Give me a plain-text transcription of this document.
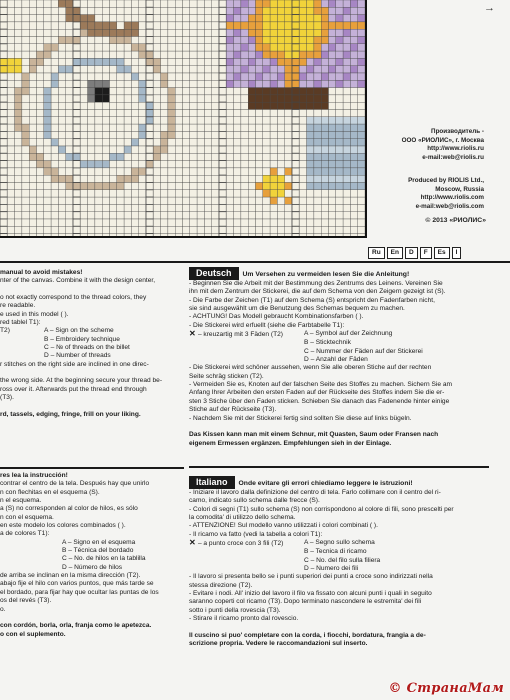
→
Производитель -
ООО «РИОЛИС», г. Москва
http://www.riolis.ru
e-mail:web@riolis.ru
Produced by RIOLIS Ltd.,
Moscow, Russia
http://www.riolis.com
e-mail:web@riolis.com
© 2013 «РИОЛИС»
Ru	En	D	F	Es	I

manual to avoid mistakes!

nter of the canvas. Combine it with the design center,

o not exactly correspond to the thread colors, they

re readable.

e used in this model ( ).

red tablel T1):

T2)	A – Sign on the scheme
B – Embroidery technique
C – № of threads on the billet
D – Number of threads

r stitches on the right side are inclined in one direc-

the wrong side. At the beginning secure your thread be-

ross over it. Afterwards put the thread end through

(T3).

rd, tassels, edging, fringe, frill on your liking.

res lea la instrucción!

contrar el centro de la tela. Después hay que unirlo

n con flechitas en el esquema (S).

n el esquema.

a (S) no corresponden al color de hilos, es sólo

n con el esquema.

en este modelo los colores combinados ( ).

a de colores T1):

A – Signo en el esquema
B – Técnica del bordado
C – No. de hilos en la tablilla
D – Número de hilos

de arriba se inclinan en la misma dirección (T2).

abajo fije el hilo con varios puntos, que más tarde se

el bordado, para fijar hay que ocultar las puntas de los

os del revés (T3).

o.

con cordón, borla, orla, franja como le apetezca.

o con el suplemento.

Deutsch Um Versehen zu vermeiden lesen Sie die Anleitung!

- Beginnen Sie die Arbeit mit der Bestimmung des Zentrums des Leinens. Vereinen Sie

ihn mit dem Zentrum der Stickerei, die auf dem Schema von den Zeigern gezeigt ist (S).

- Die Farbe der Zeichen (T1) auf dem Schema (S) entspricht den Fadenfarben nicht,

sie sind ausgewählt um die Benutzung des Schemas bequem zu machen.

- ACHTUNG! Das Modell gebraucht Kombinationsfarben ( ).

- Die Stickerei wird erfuellt (siehe die Farbtabelle T1):

✕ – kreuzartig mit 3 Fäden (T2)	A – Symbol auf der Zeichnung
B – Sticktechnik
C – Nummer der Fäden auf der Stickerei
D – Anzahl der Fäden

- Die Stickerei wird schöner aussehen, wenn Sie alle oberen Stiche auf der rechten

Seite schräg sticken (T2).

- Vermeiden Sie es, Knoten auf der falschen Seite des Stoffes zu machen. Sichern Sie am

Anfang Ihrer Arbeiten den ersten Faden auf der Rückseite des Stoffes indem Sie die er-

sten 3 Stiche über den Faden sticken. Schieben Sie danach das Fadenende hinter einige

Stiche auf der Rückseite (T3).

- Nachdem Sie mit der Stickerei fertig sind sollten Sie diese auf links bügeln.

Das Kissen kann man mit einem Schnur, mit Quasten, Saum oder Fransen nach

eigenem Ermessen ergänzen. Empfehlungen sieh in der Einlage.

Italiano Onde evitare gli errori chiediamo leggere le istruzioni!

- Iniziare il lavoro dalla definizione del centro di tela. Farlo collimare con il centro del ri-

camo, indicato sullo schema dalle frecce (S).

- Colori di segni (T1) sullo schema (S) non corrispondono al colore di fili, sono prescelti per

la comodita' di utilizzo dello schema.

- ATTENZIONE! Sul modello vanno utilizzati i colori combinati ( ).

- Il ricamo va fatto (vedi la tabella a colori T1):

✕ – a punto croce con 3 fili (T2)	A – Segno sullo schema
B – Tecnica di ricamo
C – No. del filo sulla filiera
D – Numero dei fili

- Il lavoro si presenta bello se i punti superiori dei punti a croce sono indirizzati nella

stessa direzione (T2).

- Evitare i nodi. All' inizio del lavoro il filo va fissato con alcuni punti i quali in seguito

saranno coperti col ricamo (T3). Dopo terminato nascondere le estremita' dei fili

sotto i punti della rovescia (T3).

- Stirare il ricamo pronto dal rovescio.

Il cuscino si puo' completare con la corda, i fiocchi, bordatura, frangia a de-

scrizione propria. Vedere le raccomandazioni sul insertо.

© СтранаМам
